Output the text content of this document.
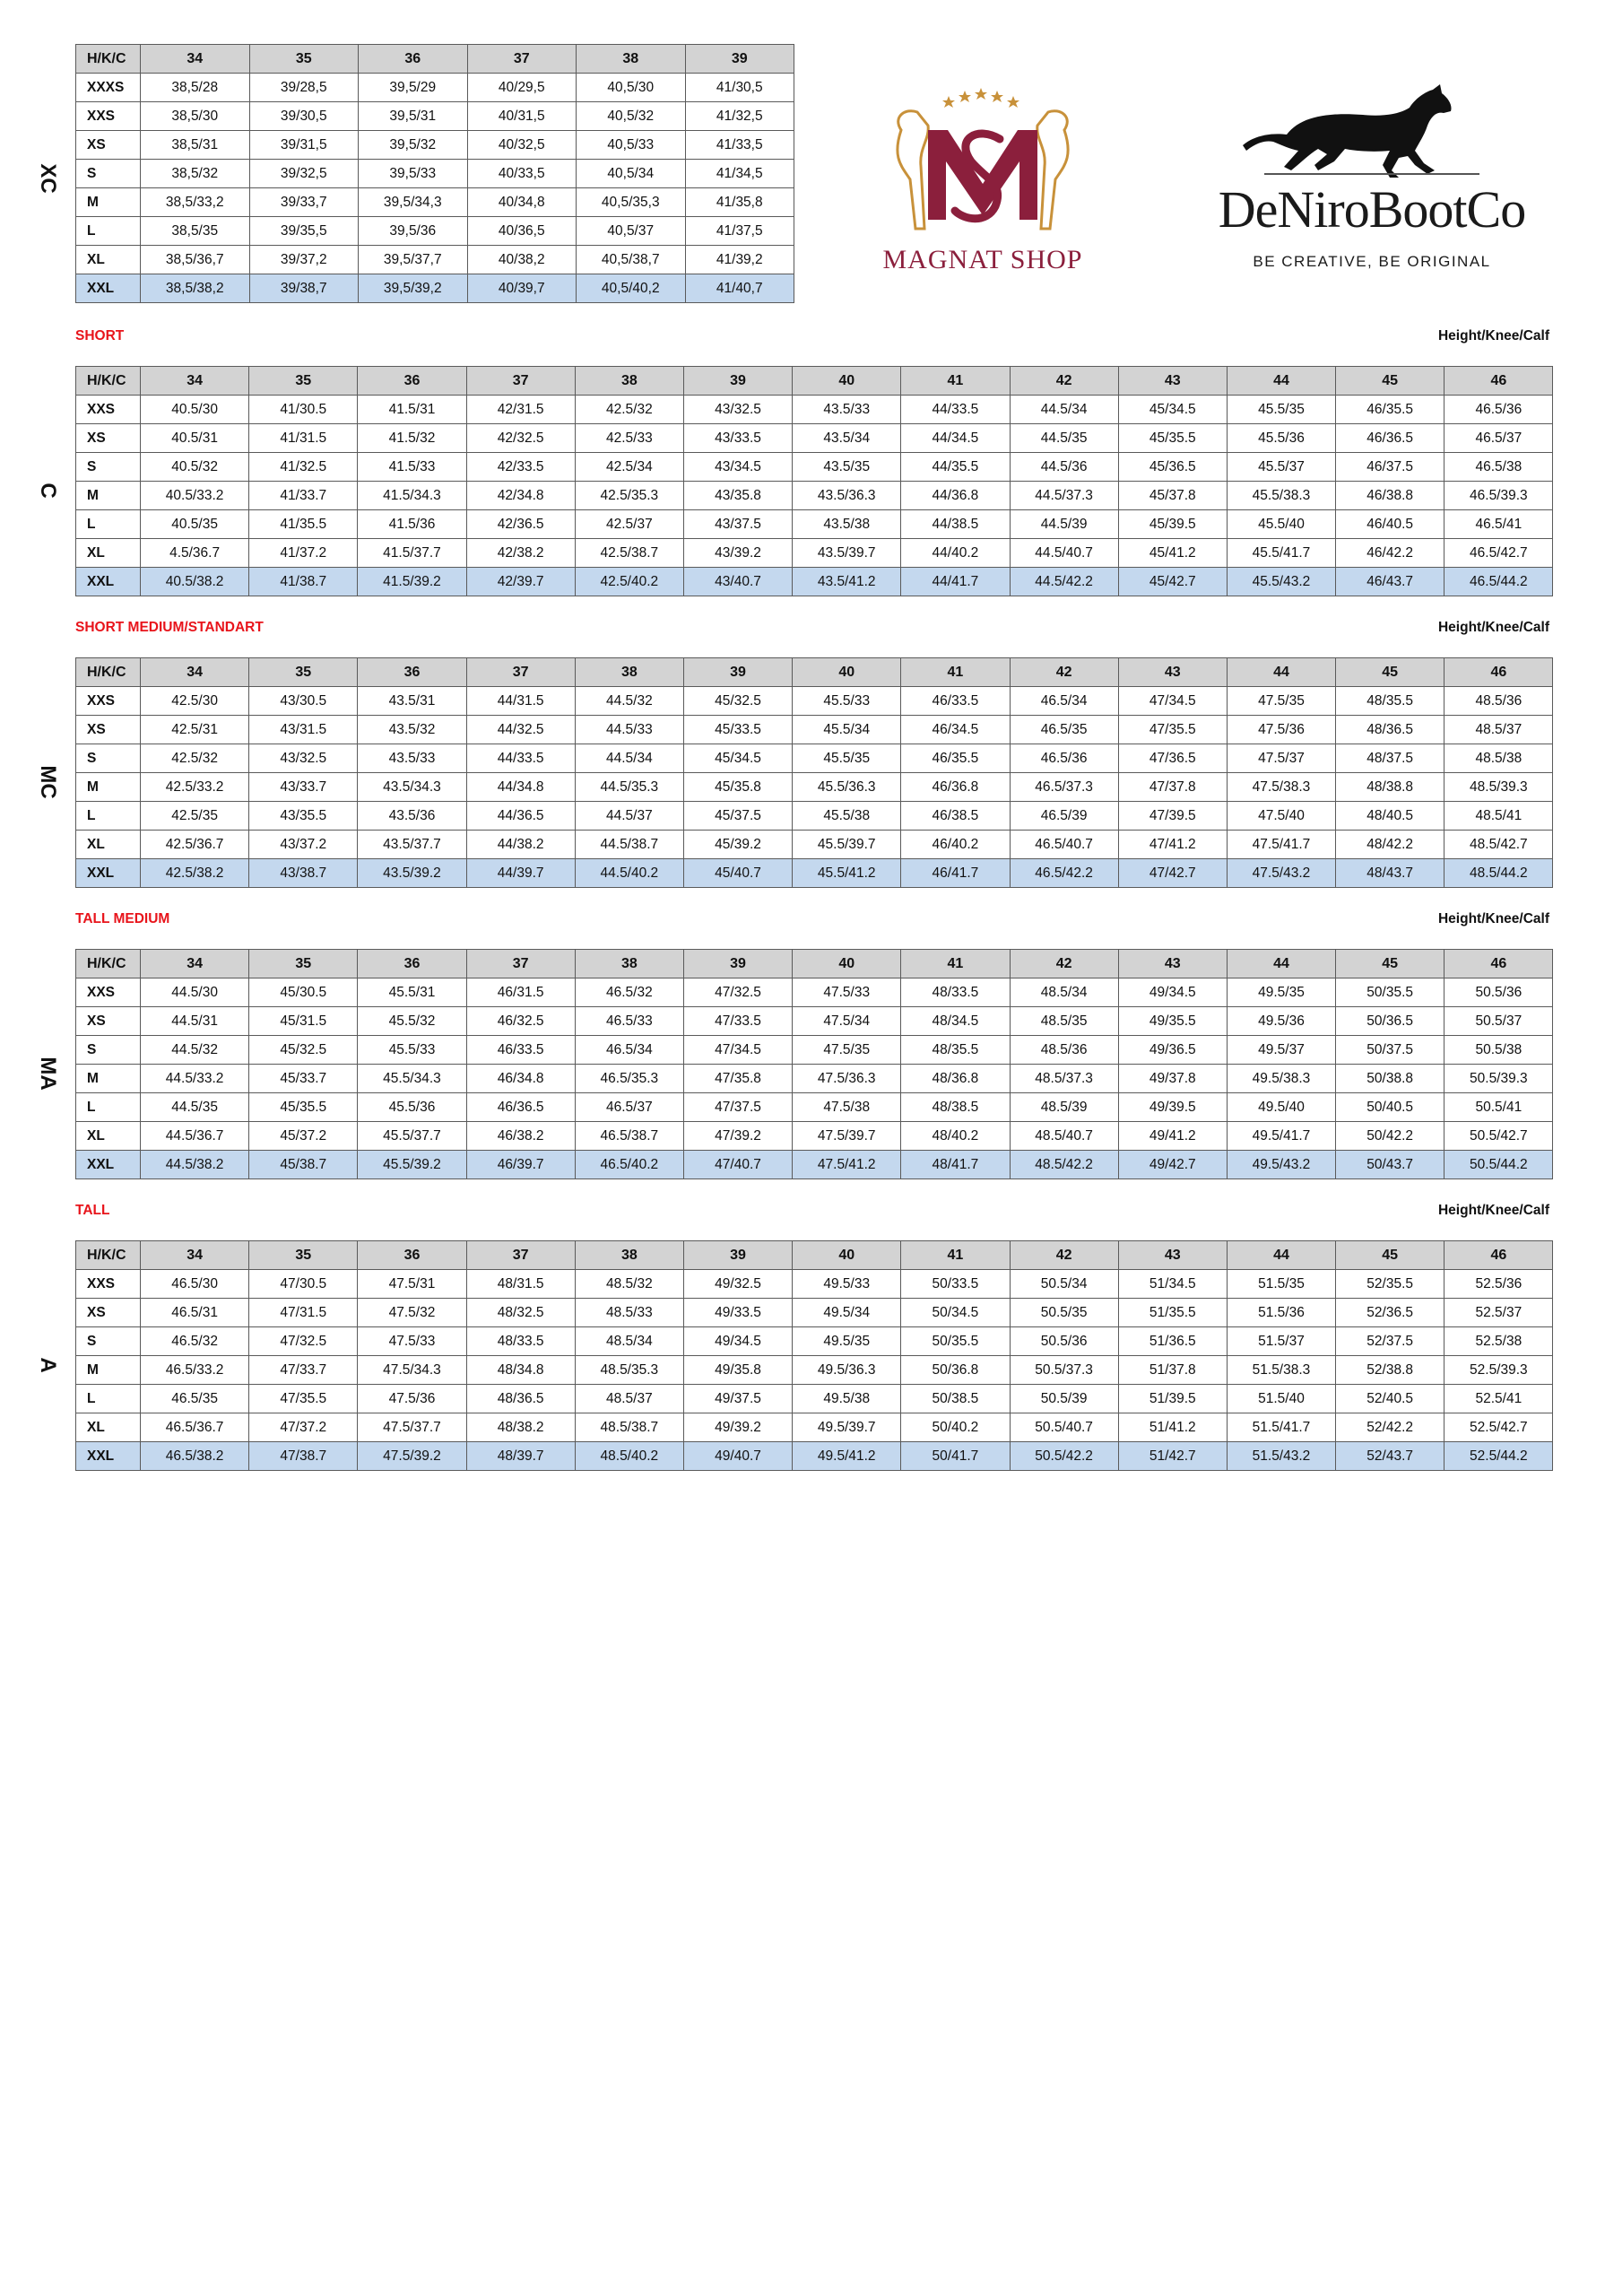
XC
H/K/C	34	35	36	37	38	39
XXXS	38,5/28	39/28,5	39,5/29	40/29,5	40,5/30	41/30,5
XXS	38,5/30	39/30,5	39,5/31	40/31,5	40,5/32	41/32,5
XS	38,5/31	39/31,5	39,5/32	40/32,5	40,5/33	41/33,5
S	38,5/32	39/32,5	39,5/33	40/33,5	40,5/34	41/34,5
M	38,5/33,2	39/33,7	39,5/34,3	40/34,8	40,5/35,3	41/35,8
L	38,5/35	39/35,5	39,5/36	40/36,5	40,5/37	41/37,5
XL	38,5/36,7	39/37,2	39,5/37,7	40/38,2	40,5/38,7	41/39,2
XXL	38,5/38,2	39/38,7	39,5/39,2	40/39,7	40,5/40,2	41/40,7
MAGNAT SHOP
DeNiroBootCo
BE CREATIVE, BE ORIGINAL
SHORT	Height/Knee/Calf
C
H/K/C	34	35	36	37	38	39	40	41	42	43	44	45	46
XXS	40.5/30	41/30.5	41.5/31	42/31.5	42.5/32	43/32.5	43.5/33	44/33.5	44.5/34	45/34.5	45.5/35	46/35.5	46.5/36
XS	40.5/31	41/31.5	41.5/32	42/32.5	42.5/33	43/33.5	43.5/34	44/34.5	44.5/35	45/35.5	45.5/36	46/36.5	46.5/37
S	40.5/32	41/32.5	41.5/33	42/33.5	42.5/34	43/34.5	43.5/35	44/35.5	44.5/36	45/36.5	45.5/37	46/37.5	46.5/38
M	40.5/33.2	41/33.7	41.5/34.3	42/34.8	42.5/35.3	43/35.8	43.5/36.3	44/36.8	44.5/37.3	45/37.8	45.5/38.3	46/38.8	46.5/39.3
L	40.5/35	41/35.5	41.5/36	42/36.5	42.5/37	43/37.5	43.5/38	44/38.5	44.5/39	45/39.5	45.5/40	46/40.5	46.5/41
XL	4.5/36.7	41/37.2	41.5/37.7	42/38.2	42.5/38.7	43/39.2	43.5/39.7	44/40.2	44.5/40.7	45/41.2	45.5/41.7	46/42.2	46.5/42.7
XXL	40.5/38.2	41/38.7	41.5/39.2	42/39.7	42.5/40.2	43/40.7	43.5/41.2	44/41.7	44.5/42.2	45/42.7	45.5/43.2	46/43.7	46.5/44.2
SHORT MEDIUM/STANDART	Height/Knee/Calf
MC
H/K/C	34	35	36	37	38	39	40	41	42	43	44	45	46
XXS	42.5/30	43/30.5	43.5/31	44/31.5	44.5/32	45/32.5	45.5/33	46/33.5	46.5/34	47/34.5	47.5/35	48/35.5	48.5/36
XS	42.5/31	43/31.5	43.5/32	44/32.5	44.5/33	45/33.5	45.5/34	46/34.5	46.5/35	47/35.5	47.5/36	48/36.5	48.5/37
S	42.5/32	43/32.5	43.5/33	44/33.5	44.5/34	45/34.5	45.5/35	46/35.5	46.5/36	47/36.5	47.5/37	48/37.5	48.5/38
M	42.5/33.2	43/33.7	43.5/34.3	44/34.8	44.5/35.3	45/35.8	45.5/36.3	46/36.8	46.5/37.3	47/37.8	47.5/38.3	48/38.8	48.5/39.3
L	42.5/35	43/35.5	43.5/36	44/36.5	44.5/37	45/37.5	45.5/38	46/38.5	46.5/39	47/39.5	47.5/40	48/40.5	48.5/41
XL	42.5/36.7	43/37.2	43.5/37.7	44/38.2	44.5/38.7	45/39.2	45.5/39.7	46/40.2	46.5/40.7	47/41.2	47.5/41.7	48/42.2	48.5/42.7
XXL	42.5/38.2	43/38.7	43.5/39.2	44/39.7	44.5/40.2	45/40.7	45.5/41.2	46/41.7	46.5/42.2	47/42.7	47.5/43.2	48/43.7	48.5/44.2
TALL MEDIUM	Height/Knee/Calf
MA
H/K/C	34	35	36	37	38	39	40	41	42	43	44	45	46
XXS	44.5/30	45/30.5	45.5/31	46/31.5	46.5/32	47/32.5	47.5/33	48/33.5	48.5/34	49/34.5	49.5/35	50/35.5	50.5/36
XS	44.5/31	45/31.5	45.5/32	46/32.5	46.5/33	47/33.5	47.5/34	48/34.5	48.5/35	49/35.5	49.5/36	50/36.5	50.5/37
S	44.5/32	45/32.5	45.5/33	46/33.5	46.5/34	47/34.5	47.5/35	48/35.5	48.5/36	49/36.5	49.5/37	50/37.5	50.5/38
M	44.5/33.2	45/33.7	45.5/34.3	46/34.8	46.5/35.3	47/35.8	47.5/36.3	48/36.8	48.5/37.3	49/37.8	49.5/38.3	50/38.8	50.5/39.3
L	44.5/35	45/35.5	45.5/36	46/36.5	46.5/37	47/37.5	47.5/38	48/38.5	48.5/39	49/39.5	49.5/40	50/40.5	50.5/41
XL	44.5/36.7	45/37.2	45.5/37.7	46/38.2	46.5/38.7	47/39.2	47.5/39.7	48/40.2	48.5/40.7	49/41.2	49.5/41.7	50/42.2	50.5/42.7
XXL	44.5/38.2	45/38.7	45.5/39.2	46/39.7	46.5/40.2	47/40.7	47.5/41.2	48/41.7	48.5/42.2	49/42.7	49.5/43.2	50/43.7	50.5/44.2
TALL	Height/Knee/Calf
A
H/K/C	34	35	36	37	38	39	40	41	42	43	44	45	46
XXS	46.5/30	47/30.5	47.5/31	48/31.5	48.5/32	49/32.5	49.5/33	50/33.5	50.5/34	51/34.5	51.5/35	52/35.5	52.5/36
XS	46.5/31	47/31.5	47.5/32	48/32.5	48.5/33	49/33.5	49.5/34	50/34.5	50.5/35	51/35.5	51.5/36	52/36.5	52.5/37
S	46.5/32	47/32.5	47.5/33	48/33.5	48.5/34	49/34.5	49.5/35	50/35.5	50.5/36	51/36.5	51.5/37	52/37.5	52.5/38
M	46.5/33.2	47/33.7	47.5/34.3	48/34.8	48.5/35.3	49/35.8	49.5/36.3	50/36.8	50.5/37.3	51/37.8	51.5/38.3	52/38.8	52.5/39.3
L	46.5/35	47/35.5	47.5/36	48/36.5	48.5/37	49/37.5	49.5/38	50/38.5	50.5/39	51/39.5	51.5/40	52/40.5	52.5/41
XL	46.5/36.7	47/37.2	47.5/37.7	48/38.2	48.5/38.7	49/39.2	49.5/39.7	50/40.2	50.5/40.7	51/41.2	51.5/41.7	52/42.2	52.5/42.7
XXL	46.5/38.2	47/38.7	47.5/39.2	48/39.7	48.5/40.2	49/40.7	49.5/41.2	50/41.7	50.5/42.2	51/42.7	51.5/43.2	52/43.7	52.5/44.2
